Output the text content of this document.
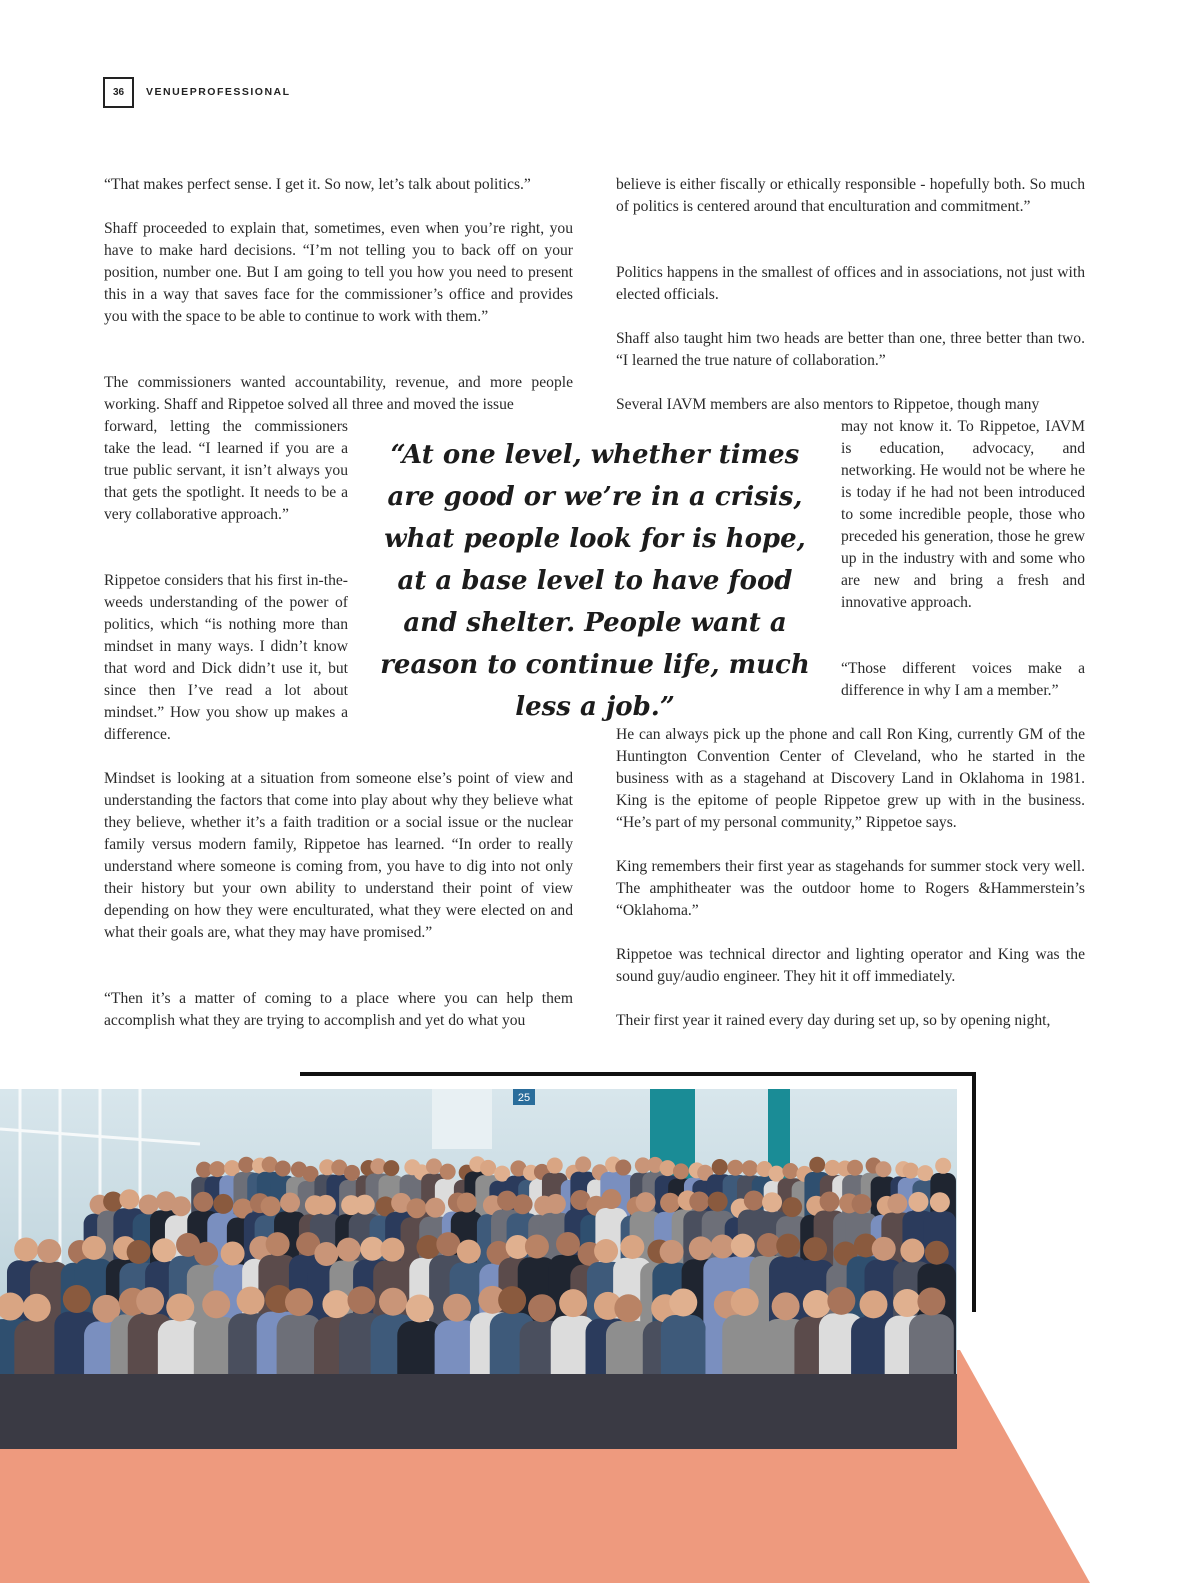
36	VENUEPROFESSIONAL

“That makes perfect sense. I get it. So now, let’s talk about politics.”

Shaff proceeded to explain that, sometimes, even when you’re right, you have to make hard decisions. “I’m not telling you to back off on your position, number one. But I am going to tell you how you need to present this in a way that saves face for the commissioner’s office and provides you with the space to be able to continue to work with them.”

The commissioners wanted accountability, revenue, and more people working. Shaff and Rippetoe solved all three and moved the issue

forward, letting the commissioners take the lead. “I learned if you are a true public servant, it isn’t always you that gets the spotlight. It needs to be a very collaborative approach.”

Rippetoe considers that his first in-the-weeds understanding of the power of politics, which “is nothing more than mindset in many ways. I didn’t know that word and Dick didn’t use it, but since then I’ve read a lot about mindset.” How you show up makes a difference.

Mindset is looking at a situation from someone else’s point of view and understanding the factors that come into play about why they believe what they believe, whether it’s a faith tradition or a social issue or the nuclear family versus modern family, Rippetoe has learned. “In order to really understand where someone is coming from, you have to dig into not only their history but your own ability to understand their point of view depending on how they were enculturated, what they were elected on and what their goals are, what they may have promised.”

“Then it’s a matter of coming to a place where you can help them accomplish what they are trying to accomplish and yet do what you

believe is either fiscally or ethically responsible - hopefully both. So much of politics is centered around that enculturation and commitment.”

Politics happens in the smallest of offices and in associations, not just with elected officials.

Shaff also taught him two heads are better than one, three better than two. “I learned the true nature of collaboration.”

Several IAVM members are also mentors to Rippetoe, though many

may not know it. To Rippetoe, IAVM is education, advocacy, and networking. He would not be where he is today if he had not been introduced to some incredible people, those who preceded his generation, those he grew up in the industry with and some who are new and bring a fresh and innovative approach.

“Those different voices make a difference in why I am a member.”

He can always pick up the phone and call Ron King, currently GM of the Huntington Convention Center of Cleveland, who he started in the business with as a stagehand at Discovery Land in Oklahoma in 1981. King is the epitome of people Rippetoe grew up with in the business. “He’s part of my personal community,” Rippetoe says.

King remembers their first year as stagehands for summer stock very well. The amphitheater was the outdoor home to Rogers &Hammerstein’s “Oklahoma.”

Rippetoe was technical director and lighting operator and King was the sound guy/audio engineer. They hit it off immediately.

Their first year it rained every day during set up, so by opening night,

“At one level, whether times are good or we’re in a crisis, what people look for is hope, at a base level to have food and shelter. People want a reason to continue life, much less a job.”

25
